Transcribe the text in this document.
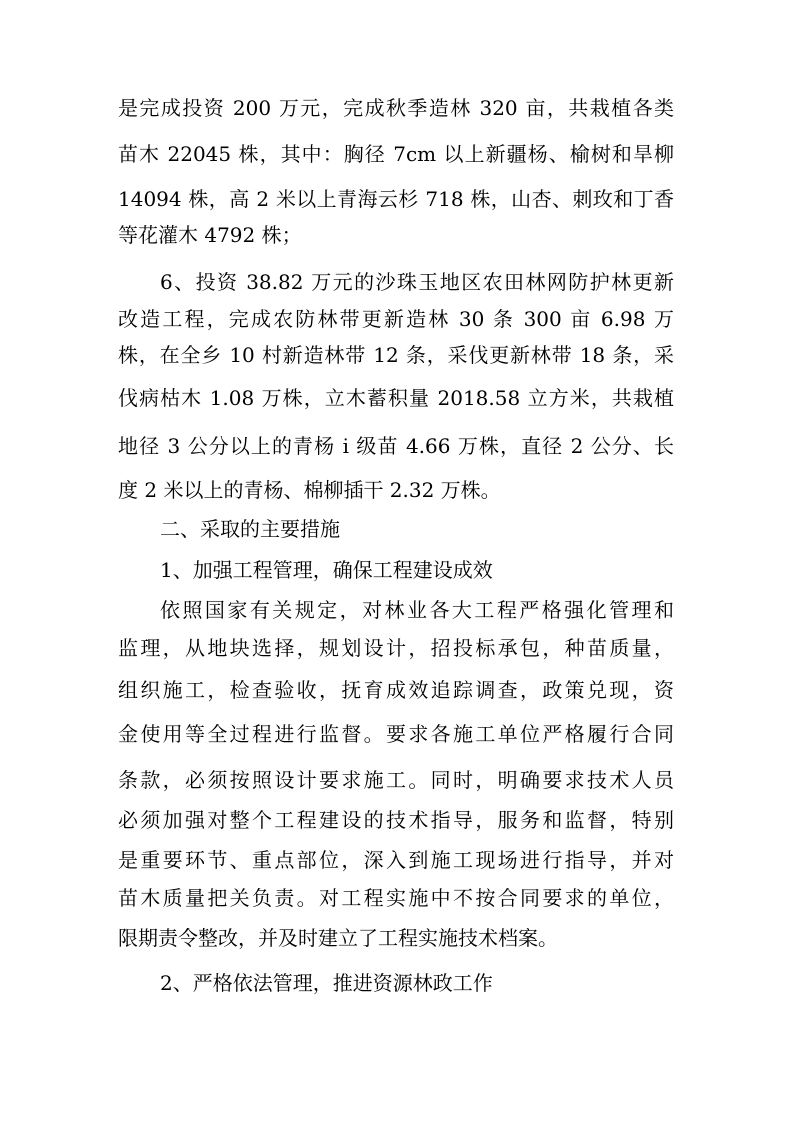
是完成投资 200 万元，完成秋季造林 320 亩，共栽植各类
苗木 22045 株，其中：胸径 7cm 以上新疆杨、榆树和旱柳
14094 株，高 2 米以上青海云杉 718 株，山杏、刺玫和丁香
等花灌木 4792 株；
6、投资 38.82 万元的沙珠玉地区农田林网防护林更新
改造工程，完成农防林带更新造林 30 条 300 亩 6.98 万
株，在全乡 10 村新造林带 12 条，采伐更新林带 18 条，采
伐病枯木 1.08 万株，立木蓄积量 2018.58 立方米，共栽植
地径 3 公分以上的青杨 i 级苗 4.66 万株，直径 2 公分、长
度 2 米以上的青杨、棉柳插干 2.32 万株。
二、采取的主要措施
1、加强工程管理，确保工程建设成效
依照国家有关规定，对林业各大工程严格强化管理和
监理，从地块选择，规划设计，招投标承包，种苗质量，
组织施工，检查验收，抚育成效追踪调查，政策兑现，资
金使用等全过程进行监督。要求各施工单位严格履行合同
条款，必须按照设计要求施工。同时，明确要求技术人员
必须加强对整个工程建设的技术指导，服务和监督，特别
是重要环节、重点部位，深入到施工现场进行指导，并对
苗木质量把关负责。对工程实施中不按合同要求的单位，
限期责令整改，并及时建立了工程实施技术档案。
2、严格依法管理，推进资源林政工作
